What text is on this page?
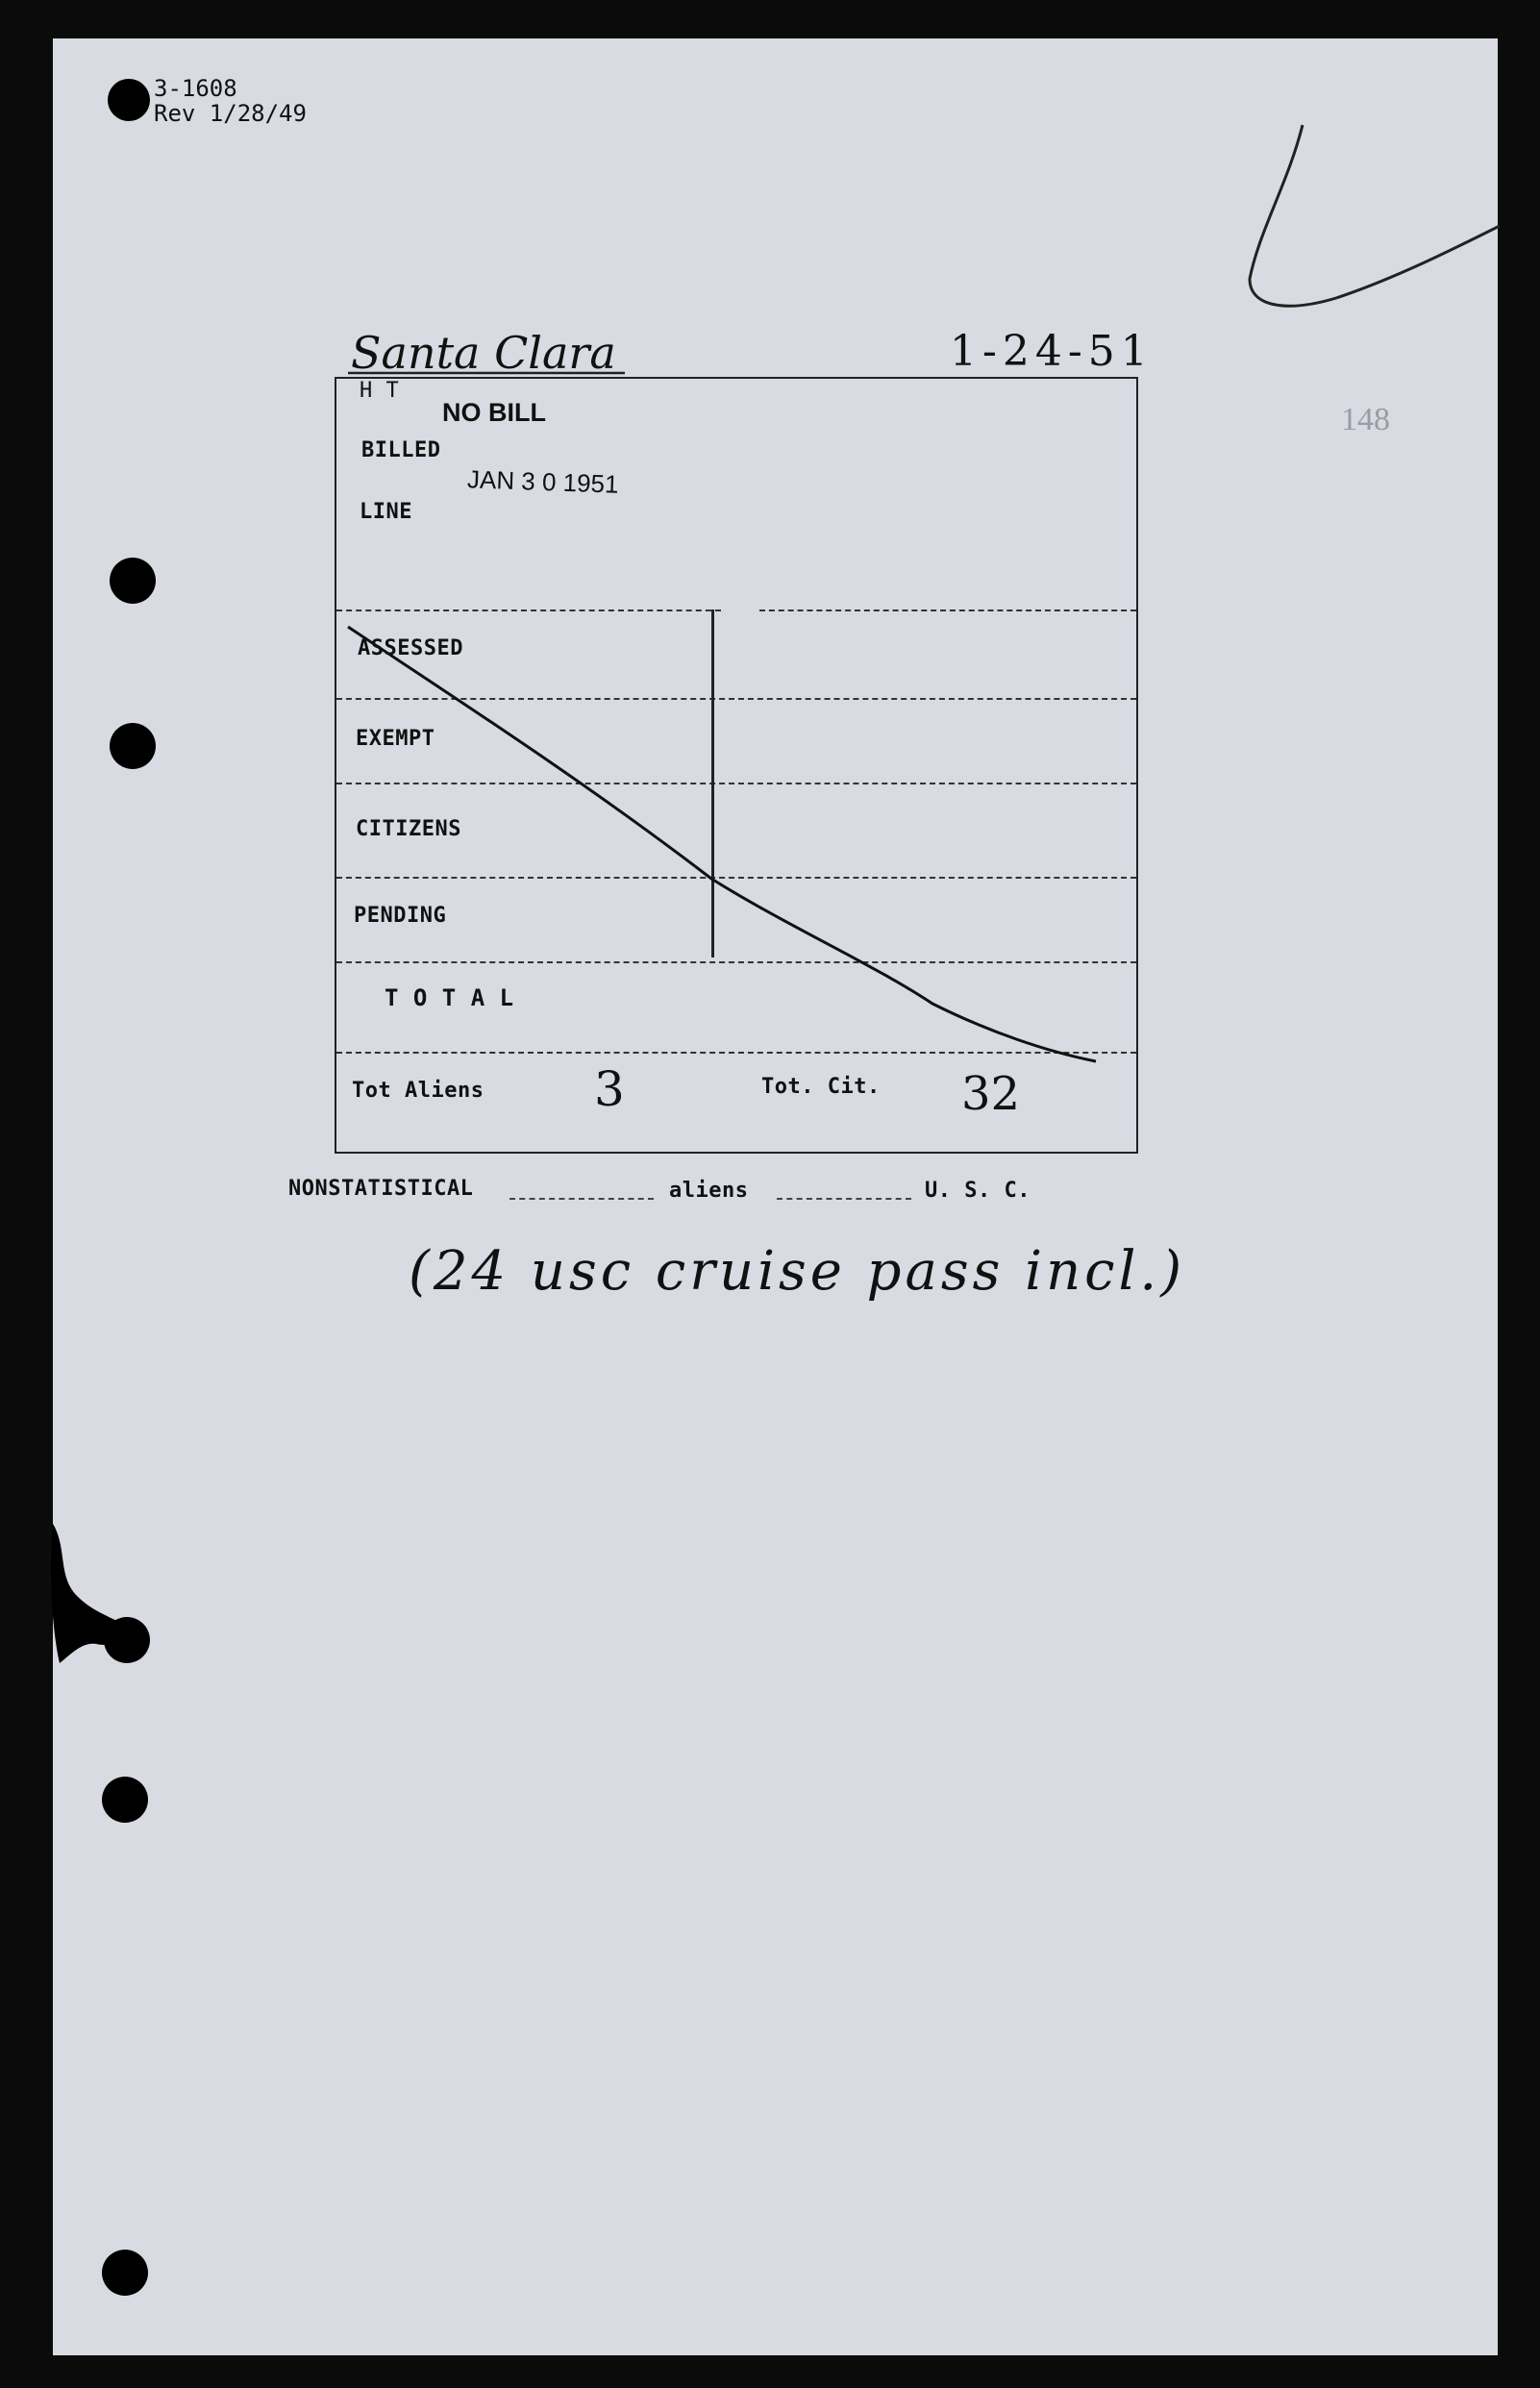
3-1608
Rev 1/28/49
148
Santa Clara	1-24-51
H T
NO BILL
BILLED
JAN 3 0 1951
LINE
ASSESSED
EXEMPT
CITIZENS
PENDING
T O T A L
Tot Aliens 3	Tot. Cit. 32
NONSTATISTICAL	aliens	U. S. C.
(24 usc cruise pass incl.)
